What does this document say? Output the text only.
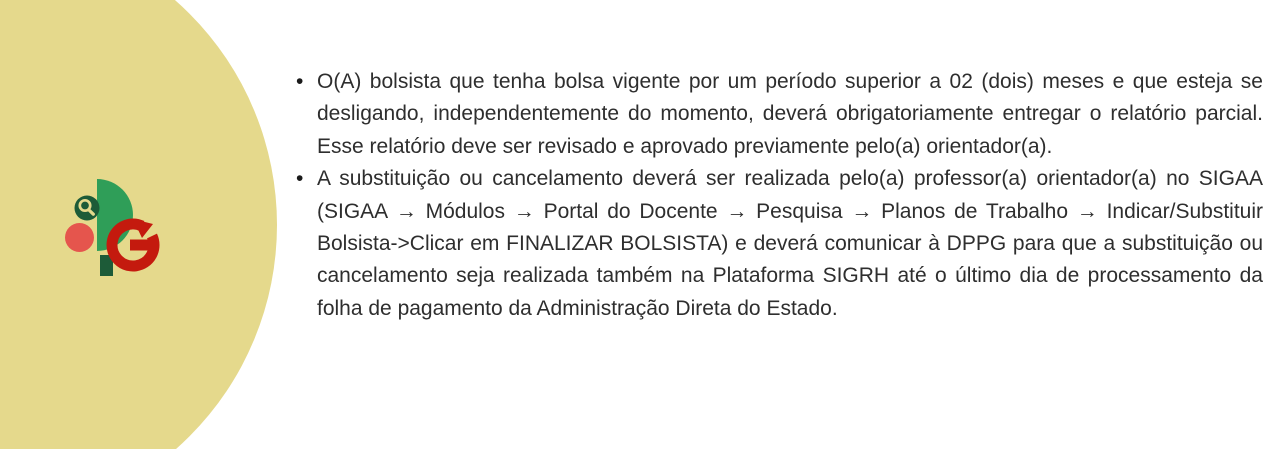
• O(A) bolsista que tenha bolsa vigente por um período superior a 02 (dois) meses e que esteja se desligando, independentemente do momento, deverá obrigatoriamente entregar o relatório parcial. Esse relatório deve ser revisado e aprovado previamente pelo(a) orientador(a).
• A substituição ou cancelamento deverá ser realizada pelo(a) professor(a) orientador(a) no SIGAA (SIGAA → Módulos → Portal do Docente → Pesquisa → Planos de Trabalho → Indicar/Substituir Bolsista->Clicar em FINALIZAR BOLSISTA) e deverá comunicar à DPPG para que a substituição ou cancelamento seja realizada também na Plataforma SIGRH até o último dia de processamento da folha de pagamento da Administração Direta do Estado.
